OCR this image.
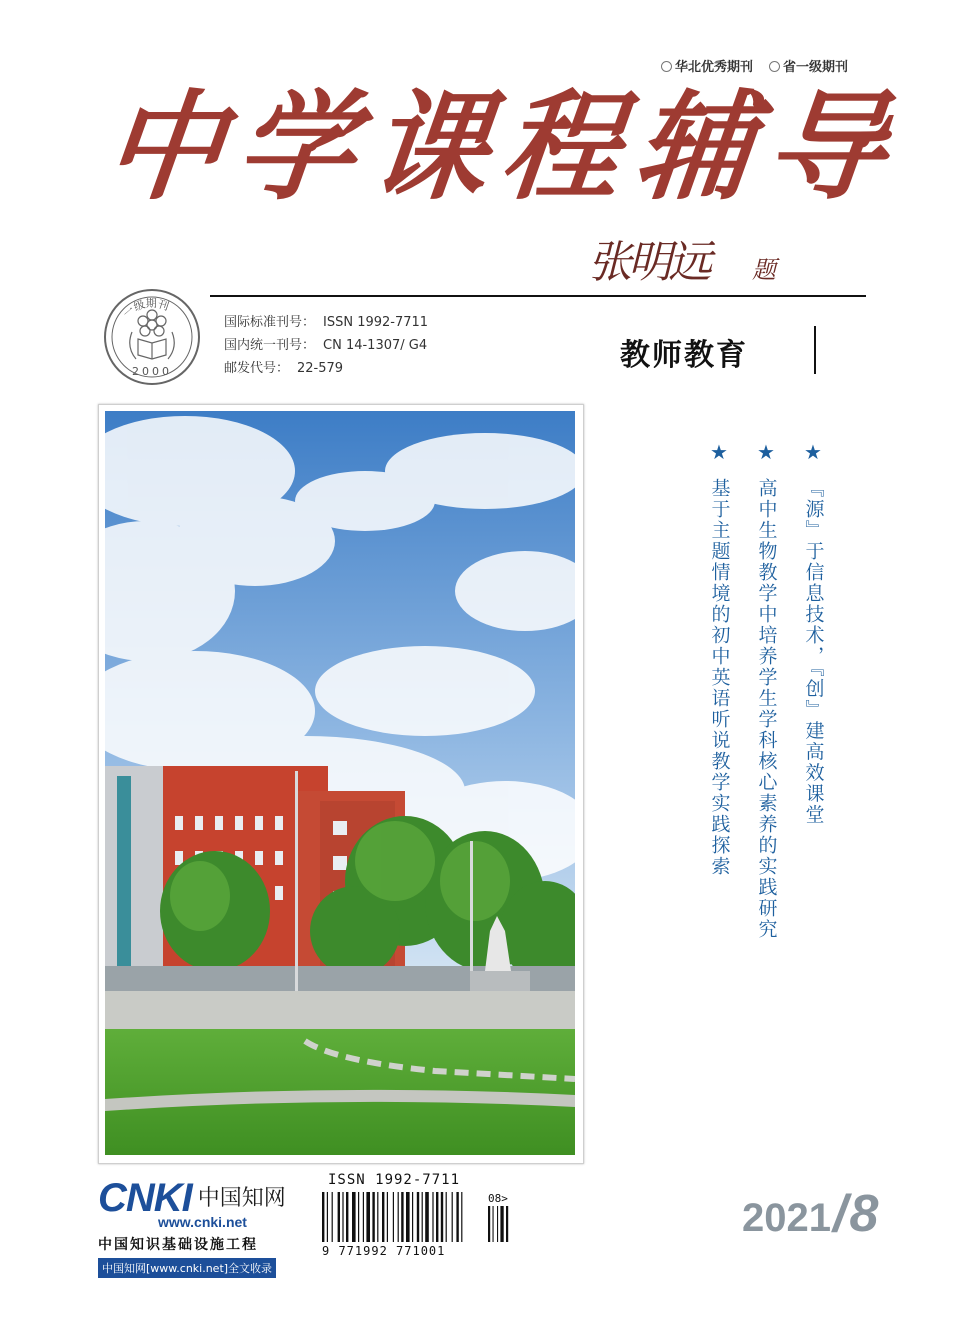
华北优秀期刊	省一级期刊
中 学 课 程 辅 导
张明远 题
一级期刊
2000
国际标准刊号： ISSN 1992-7711
国内统一刊号： CN 14-1307/ G4
邮发代号： 22-579	教师教育
★
『源』于信息技术，『创』建高效课堂
★
高中生物教学中培养学生学科核心素养的实践研究
★
基于主题情境的初中英语听说教学实践探索
CNKI 中国知网
www.cnki.net
中国知识基础设施工程
中国知网[www.cnki.net]全文收录
ISSN 1992-7711
08>
9 771992 771001
2021/8
